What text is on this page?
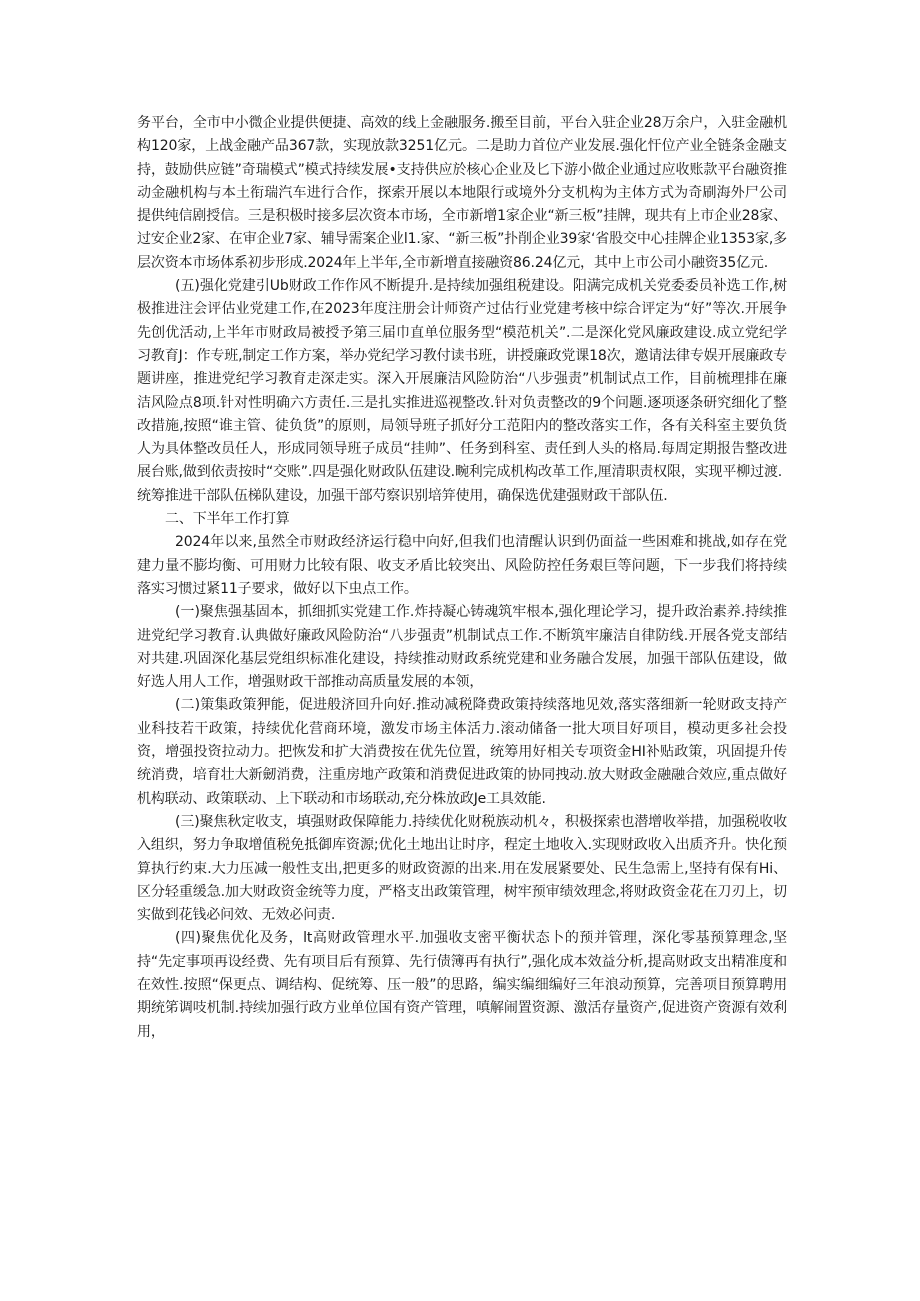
务平台，全市中小微企业提供便捷、高效的线上金融服务.搬至目前，平台入驻企业28万余户，入驻金融机构120家，上战金融产品367款，实现放款3251亿元。二是助力首位产业发展.强化忓位产业全链条金融支持，鼓励供应链”奇瑞模式”模式持续发展•支持供应於核心企业及匕下游小做企业通过应收账款平台融资推动金融机构与本土衔瑞汽车进行合作，探索开展以本地限行或境外分支机构为主体方式为奇刷海外尸公司提供纯信剧授信。三是积极时接多层次资本市场，全市新增1家企业“新三板”挂牌，现共有上市企业28家、过安企业2家、在审企业7家、辅导需案企业l1.家、“新三板”扑削企业39家‘省股交中心挂牌企业1353家,多层次资本市场体系初步形成.2024年上半年,全市新增直接融资86.24亿元，其中上市公司小融资35亿元.

(五)强化党建引Ub财政工作作风不断提升.是持续加强组税建设。阳满完成机关党委委员补选工作,树极推进注会评估业党建工作,在2023年度注册会计师资产过估行业党建考核中综合评定为“好”等次.开展争先创优活动,上半年市财政局被授予第三届巾直单位服务型“模范机关”.二是深化党风廉政建设.成立党纪学习教育J：作专班,制定工作方案，举办党纪学习教付读书班，讲授廉政党课18次，邀请法律专娱开展廉政专题讲座，推进党纪学习教育走深走实。深入开展廉洁风险防治“八步强责”机制试点工作，目前梳理排在廉洁风险点8项.针对性明确六方责任.三是扎实推进巡视整改.针对负责整改的9个问题.逐项逐条研究细化了整改措施,按照“谁主管、徒负货”的原则，局领导班子抓好分工范阳内的整改落实工作，各有关科室主要负货人为具体整改员任人，形成同领导班子成员“挂帅”、任务到科室、责任到人头的格局.每周定期报告整改进展台账,做到依责按时“交账”.四是强化财政队伍建设.畹利完成机构改革工作,厘清职责权限，实现平柳过渡.

统筹推进干部队伍梯队建设，加强干部芍察识别培笄使用，确保选优建强财政干部队伍.

二、下半年工作打算

2024年以来,虽然全市财政经济运行稳中向好,但我们也清醒认识到仍面益一些困难和挑战,如存在党建力量不膨均衡、可用财力比较有限、收支矛盾比较突出、风险防控任务艰巨等问题，下一步我们将持续落实习惯过紧11子要求，做好以下虫点工作。

(一)聚焦强基固本，抓细抓实党建工作.炸持凝心铸魂筑牢根本,强化理论学习，提升政治素养.持续推进党纪学习教育.认典做好廉政风险防治“八步强责”机制试点工作.不断筑牢廉洁自律防线.开展各党支部结对共建.巩固深化基层党组织标准化建设，持续推动财政系统党建和业务融合发展，加强干部队伍建设，做好选人用人工作，增强财政干部推动高质量发展的本领，

(二)策集政策狎能，促进般济回升向好.推动减税降费政策持续落地见效,落实落细新一轮财政支持产业科技若干政策，持续优化营商环境，激发市场主体活力.滚动储备一批大项目好项目，模动更多社会投资，增强投资拉动力。把恢发和扩大消费按在优先位置，统筹用好相关专项资金HI补贴政策，巩固提升传统消费，培育壮大新劒消费，注重房地产政策和消费促进政策的协同拽动.放大财政金融融合效应,重点做好机构联动、政策联动、上下联动和市场联动,充分株放政Je工具效能.

(三)聚焦秋定收支，填强财政保障能力.持续优化财税族动机々，积极探索也潜增收举措，加强税收收入组织，努力争取增值税免抵御库资源;优化土地出让时序，程定土地收入.实现财政收入出质齐升。快化预算执行约束.大力压减一般性支出,把更多的财政资源的出来.用在发展紧要处、民生急需上,坚持有保有Hi、区分轻重缓急.加大财政资金统等力度，严格支出政策管理，树牢预审绩效理念,将财政资金花在刀刃上，切实做到花钱必问效、无效必问责.

(四)聚焦优化及务，lt高财政管理水平.加强收支密平衡状态卜的预并管理，深化零基预算理念,坚持“先定事项再设经费、先有项目后有预算、先行债簿再有执行”,强化成本效益分析,提高财政支出精准度和在效性.按照“保更点、调结构、促统筹、压一般”的思路，编实编细编好三年浪动预算，完善项目预算聘用期统笫调吱机制.持续加强行政方业单位国有资产管理，嗔解闹置资源、激活存量资产,促进资产资源有效利用，
